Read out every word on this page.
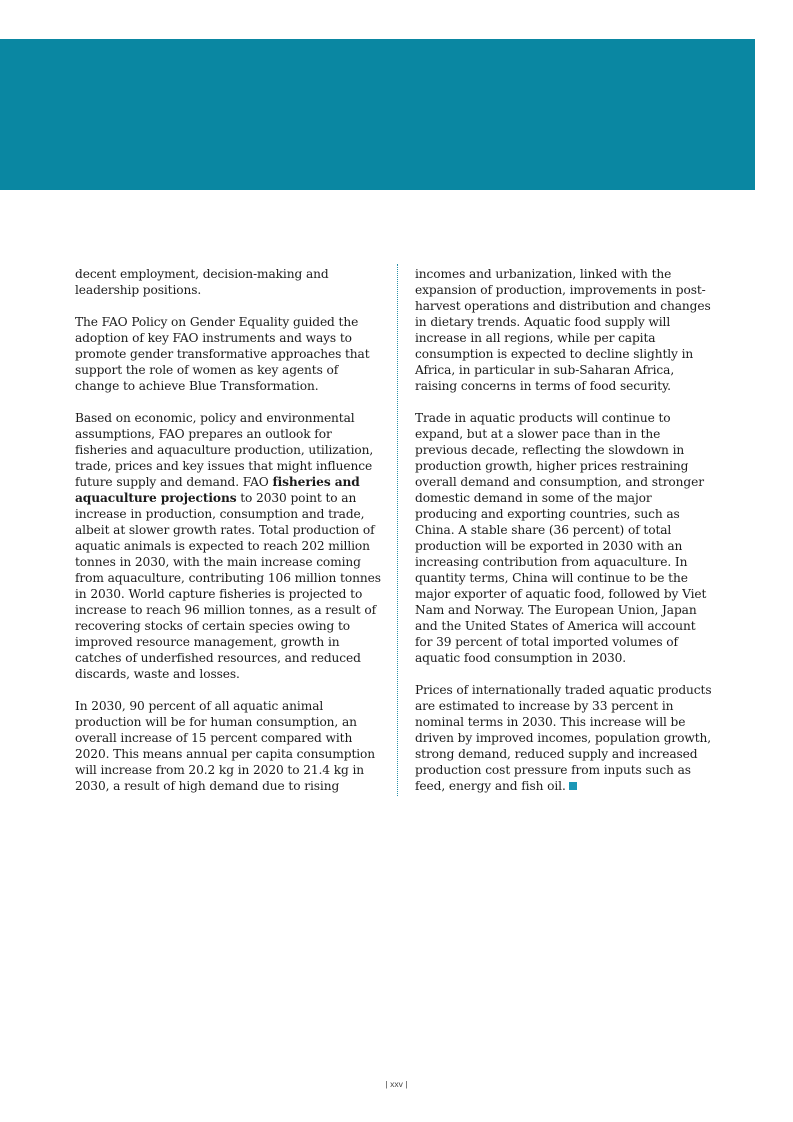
decent employment, decision-making and leadership positions.

The FAO Policy on Gender Equality guided the adoption of key FAO instruments and ways to promote gender transformative approaches that support the role of women as key agents of change to achieve Blue Transformation.

Based on economic, policy and environmental assumptions, FAO prepares an outlook for fisheries and aquaculture production, utilization, trade, prices and key issues that might influence future supply and demand. FAO fisheries and aquaculture projections to 2030 point to an increase in production, consumption and trade, albeit at slower growth rates. Total production of aquatic animals is expected to reach 202 million tonnes in 2030, with the main increase coming from aquaculture, contributing 106 million tonnes in 2030. World capture fisheries is projected to increase to reach 96 million tonnes, as a result of recovering stocks of certain species owing to improved resource management, growth in catches of underfished resources, and reduced discards, waste and losses.

In 2030, 90 percent of all aquatic animal production will be for human consumption, an overall increase of 15 percent compared with 2020. This means annual per capita consumption will increase from 20.2 kg in 2020 to 21.4 kg in 2030, a result of high demand due to rising

incomes and urbanization, linked with the expansion of production, improvements in post-harvest operations and distribution and changes in dietary trends. Aquatic food supply will increase in all regions, while per capita consumption is expected to decline slightly in Africa, in particular in sub-Saharan Africa, raising concerns in terms of food security.

Trade in aquatic products will continue to expand, but at a slower pace than in the previous decade, reflecting the slowdown in production growth, higher prices restraining overall demand and consumption, and stronger domestic demand in some of the major producing and exporting countries, such as China. A stable share (36 percent) of total production will be exported in 2030 with an increasing contribution from aquaculture. In quantity terms, China will continue to be the major exporter of aquatic food, followed by Viet Nam and Norway. The European Union, Japan and the United States of America will account for 39 percent of total imported volumes of aquatic food consumption in 2030.

Prices of internationally traded aquatic products are estimated to increase by 33 percent in nominal terms in 2030. This increase will be driven by improved incomes, population growth, strong demand, reduced supply and increased production cost pressure from inputs such as feed, energy and fish oil.

| xxv |
